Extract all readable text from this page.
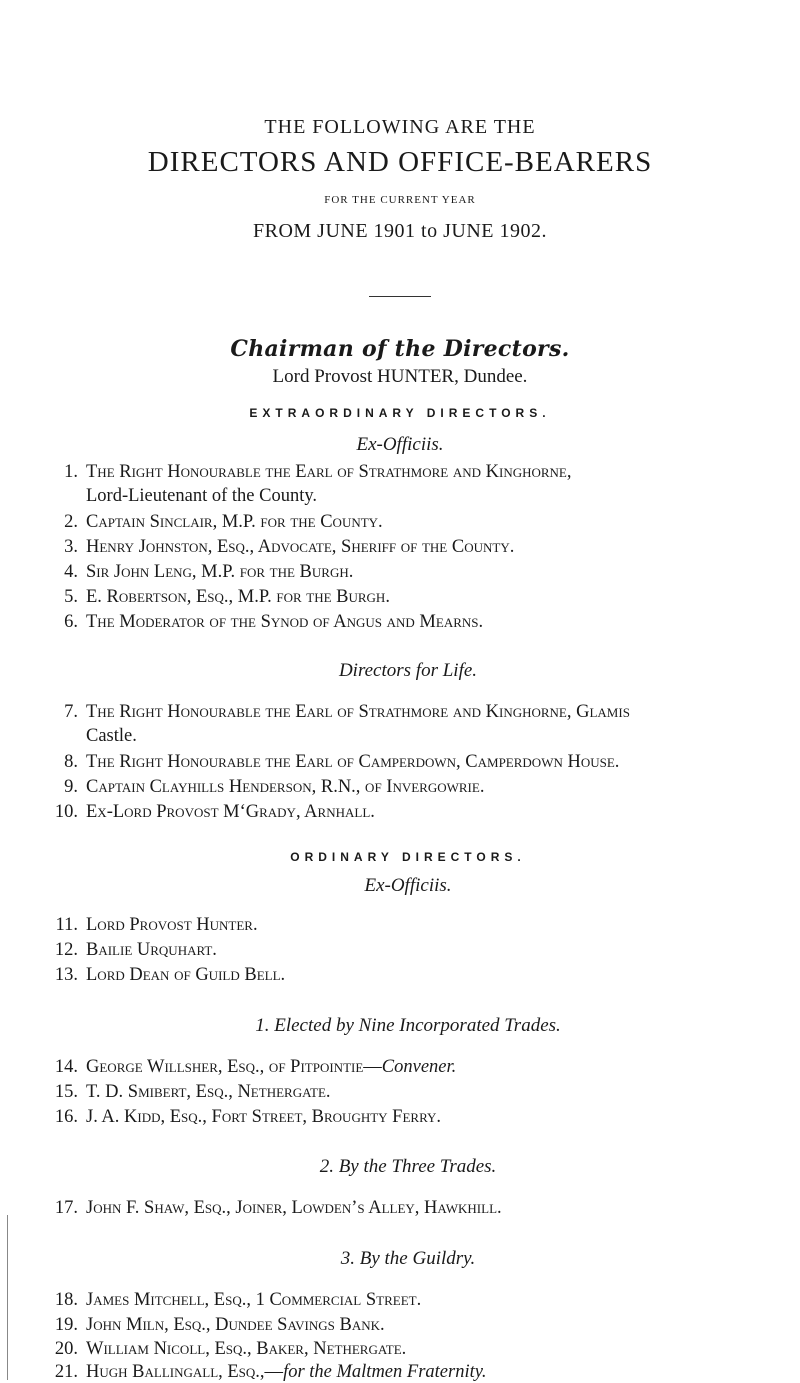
THE FOLLOWING ARE THE
DIRECTORS AND OFFICE-BEARERS
FOR THE CURRENT YEAR
FROM JUNE 1901 to JUNE 1902.
Chairman of the Directors.
Lord Provost HUNTER, Dundee.
EXTRAORDINARY DIRECTORS.
Ex-Officiis.
1. The Right Honourable the Earl of Strathmore and Kinghorne,
Lord-Lieutenant of the County.
2. Captain Sinclair, M.P. for the County.
3. Henry Johnston, Esq., Advocate, Sheriff of the County.
4. Sir John Leng, M.P. for the Burgh.
5. E. Robertson, Esq., M.P. for the Burgh.
6. The Moderator of the Synod of Angus and Mearns.
Directors for Life.
7. The Right Honourable the Earl of Strathmore and Kinghorne, Glamis
Castle.
8. The Right Honourable the Earl of Camperdown, Camperdown House.
9. Captain Clayhills Henderson, R.N., of Invergowrie.
10. Ex-Lord Provost M‘Grady, Arnhall.
ORDINARY DIRECTORS.
Ex-Officiis.
11. Lord Provost Hunter.
12. Bailie Urquhart.
13. Lord Dean of Guild Bell.
1. Elected by Nine Incorporated Trades.
14. George Willsher, Esq., of Pitpointie—Convener.
15. T. D. Smibert, Esq., Nethergate.
16. J. A. Kidd, Esq., Fort Street, Broughty Ferry.
2. By the Three Trades.
17. John F. Shaw, Esq., Joiner, Lowden’s Alley, Hawkhill.
3. By the Guildry.
18. James Mitchell, Esq., 1 Commercial Street.
19. John Miln, Esq., Dundee Savings Bank.
20. William Nicoll, Esq., Baker, Nethergate.
21. Hugh Ballingall, Esq.,—for the Maltmen Fraternity.
